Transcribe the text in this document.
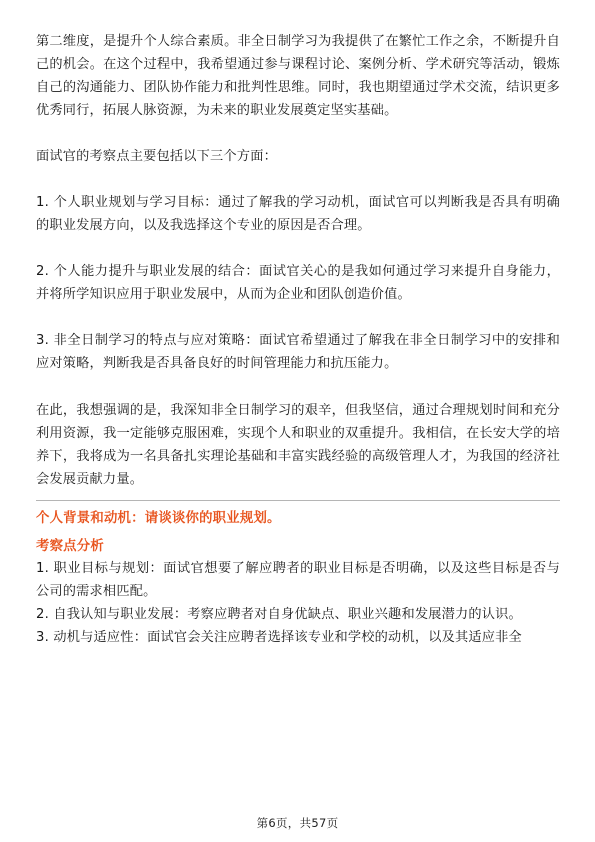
第二维度，是提升个人综合素质。非全日制学习为我提供了在繁忙工作之余，不断提升自己的机会。在这个过程中，我希望通过参与课程讨论、案例分析、学术研究等活动，锻炼自己的沟通能力、团队协作能力和批判性思维。同时，我也期望通过学术交流，结识更多优秀同行，拓展人脉资源，为未来的职业发展奠定坚实基础。

面试官的考察点主要包括以下三个方面：

1. 个人职业规划与学习目标：通过了解我的学习动机，面试官可以判断我是否具有明确的职业发展方向，以及我选择这个专业的原因是否合理。

2. 个人能力提升与职业发展的结合：面试官关心的是我如何通过学习来提升自身能力，并将所学知识应用于职业发展中，从而为企业和团队创造价值。

3. 非全日制学习的特点与应对策略：面试官希望通过了解我在非全日制学习中的安排和应对策略，判断我是否具备良好的时间管理能力和抗压能力。

在此，我想强调的是，我深知非全日制学习的艰辛，但我坚信，通过合理规划时间和充分利用资源，我一定能够克服困难，实现个人和职业的双重提升。我相信，在长安大学的培养下，我将成为一名具备扎实理论基础和丰富实践经验的高级管理人才，为我国的经济社会发展贡献力量。

个人背景和动机：请谈谈你的职业规划。

考察点分析

1. 职业目标与规划：面试官想要了解应聘者的职业目标是否明确，以及这些目标是否与公司的需求相匹配。

2. 自我认知与职业发展：考察应聘者对自身优缺点、职业兴趣和发展潜力的认识。

3. 动机与适应性：面试官会关注应聘者选择该专业和学校的动机，以及其适应非全

第6页，共57页
